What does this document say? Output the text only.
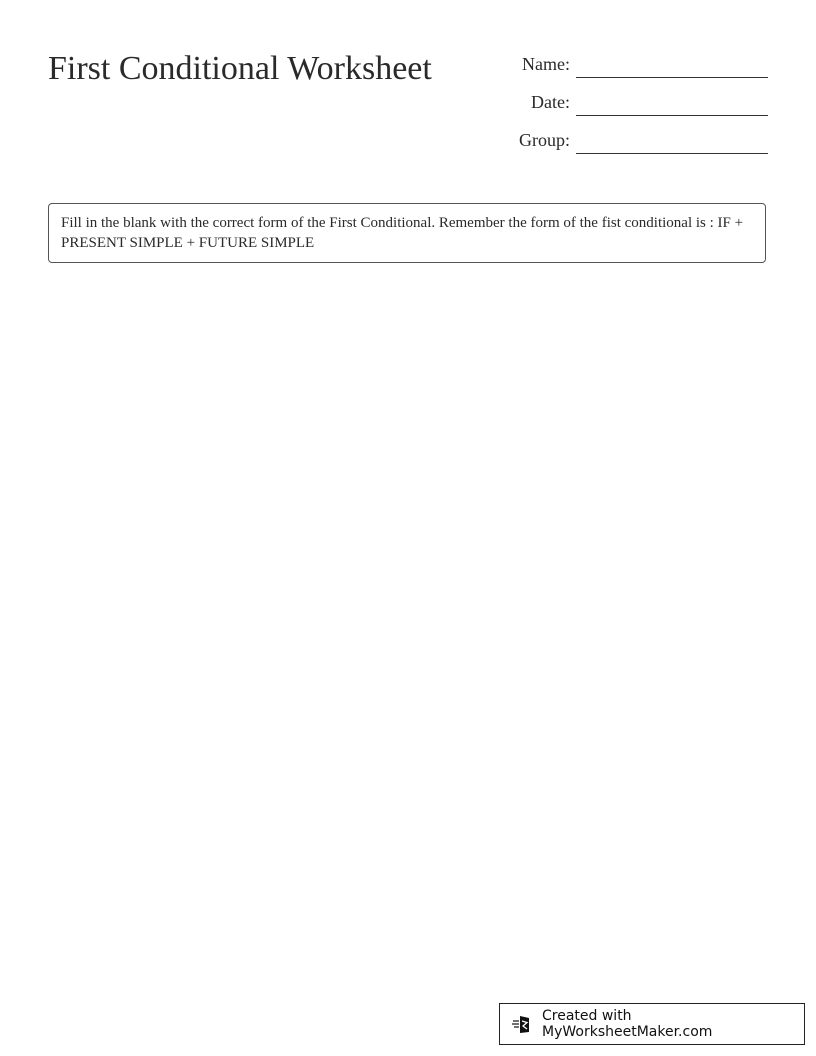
First Conditional Worksheet	Name:
Date:
Group:
Fill in the blank with the correct form of the First Conditional. Remember the form of the fist conditional is : IF + PRESENT SIMPLE + FUTURE SIMPLE
Created with MyWorksheetMaker.com
